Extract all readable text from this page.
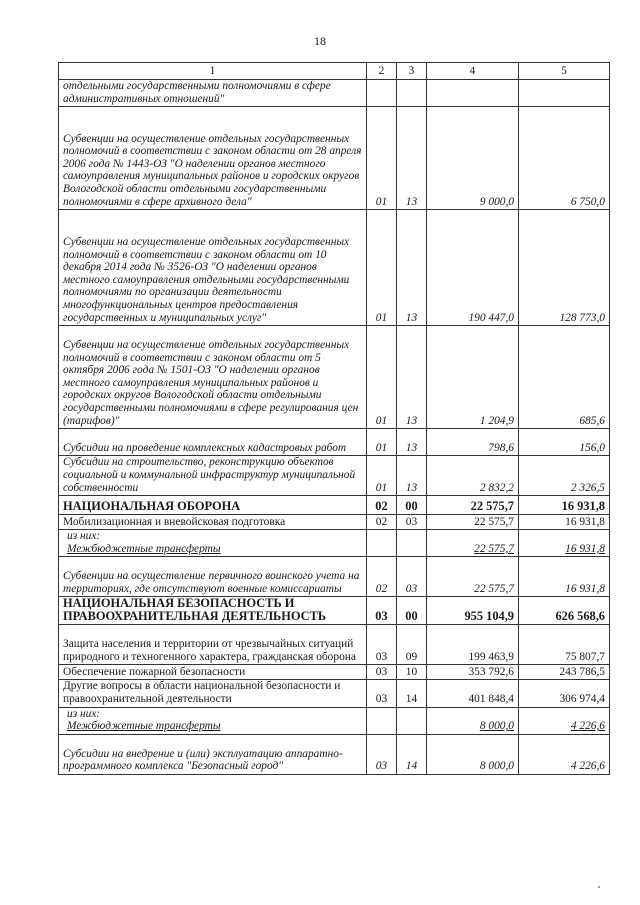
18
1	2	3	4	5
отдельными государственными полномочиями в сфере административных отношений"				
Субвенции на осуществление отдельных государственных полномочий в соответствии с законом области от 28 апреля 2006 года № 1443-ОЗ "О наделении органов местного самоуправления муниципальных районов и городских округов Вологодской области отдельными государственными полномочиями в сфере архивного дела"	01	13	9 000,0	6 750,0
Субвенции на осуществление отдельных государственных полномочий в соответствии с законом области от 10 декабря 2014 года № 3526-ОЗ "О наделении органов местного самоуправления отдельными государственными полномочиями по организации деятельности многофункциональных центров предоставления государственных и муниципальных услуг"	01	13	190 447,0	128 773,0
Субвенции на осуществление отдельных государственных полномочий в соответствии с законом области от 5 октября 2006 года № 1501-ОЗ "О наделении органов местного самоуправления муниципальных районов и городских округов Вологодской области отдельными государственными полномочиями в сфере регулирования цен (тарифов)"	01	13	1 204,9	685,6
Субсидии на проведение комплексных кадастровых работ	01	13	798,6	156,0
Субсидии на строительство, реконструкцию объектов социальной и коммунальной инфраструктур муниципальной собственности	01	13	2 832,2	2 326,5
НАЦИОНАЛЬНАЯ ОБОРОНА	02	00	22 575,7	16 931,8
Мобилизационная и вневойсковая подготовка	02	03	22 575,7	16 931,8
из них:
Межбюджетные трансферты			22 575,7	16 931,8
Субвенции на осуществление первичного воинского учета на территориях, где отсутствуют военные комиссариаты	02	03	22 575,7	16 931,8
НАЦИОНАЛЬНАЯ БЕЗОПАСНОСТЬ И ПРАВООХРАНИТЕЛЬНАЯ ДЕЯТЕЛЬНОСТЬ	03	00	955 104,9	626 568,6
Защита населения и территории от чрезвычайных ситуаций природного и техногенного характера, гражданская оборона	03	09	199 463,9	75 807,7
Обеспечение пожарной безопасности	03	10	353 792,6	243 786,5
Другие вопросы в области национальной безопасности и правоохранительной деятельности	03	14	401 848,4	306 974,4
из них:
Межбюджетные трансферты			8 000,0	4 226,6
Субсидии на внедрение и (или) эксплуатацию аппаратно-программного комплекса "Безопасный город"	03	14	8 000,0	4 226,6
